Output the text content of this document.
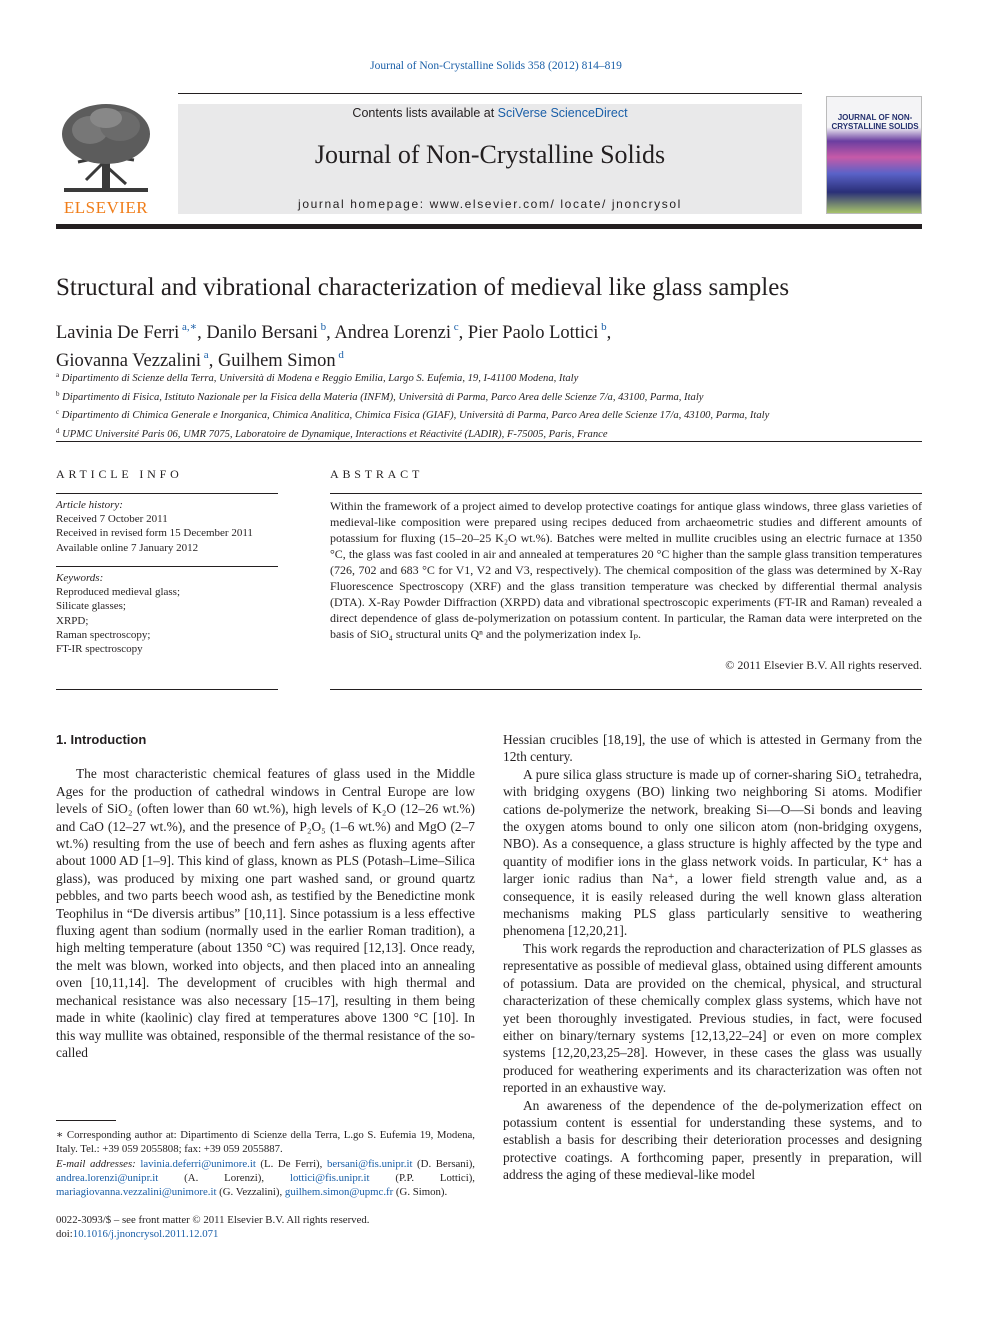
Journal of Non-Crystalline Solids 358 (2012) 814–819
ELSEVIER
Contents lists available at SciVerse ScienceDirect
Journal of Non-Crystalline Solids
journal homepage: www.elsevier.com/ locate/ jnoncrysol
JOURNAL OF NON-CRYSTALLINE SOLIDS
Structural and vibrational characterization of medieval like glass samples
Lavinia De Ferri $^{a,∗}$, Danilo Bersani $^b$, Andrea Lorenzi $^c$, Pier Paolo Lottici $^b$,
Giovanna Vezzalini $^a$, Guilhem Simon $^d$
$^a$ Dipartimento di Scienze della Terra, Università di Modena e Reggio Emilia, Largo S. Eufemia, 19, I-41100 Modena, Italy
$^b$ Dipartimento di Fisica, Istituto Nazionale per la Fisica della Materia (INFM), Università di Parma, Parco Area delle Scienze 7/a, 43100, Parma, Italy
$^c$ Dipartimento di Chimica Generale e Inorganica, Chimica Analitica, Chimica Fisica (GIAF), Università di Parma, Parco Area delle Scienze 17/a, 43100, Parma, Italy
$^d$ UPMC Université Paris 06, UMR 7075, Laboratoire de Dynamique, Interactions et Réactivité (LADIR), F-75005, Paris, France
ARTICLE INFO
Article history:
Received 7 October 2011
Received in revised form 15 December 2011
Available online 7 January 2012
Keywords:
Reproduced medieval glass;
Silicate glasses;
XRPD;
Raman spectroscopy;
FT-IR spectroscopy
ABSTRACT
Within the framework of a project aimed to develop protective coatings for antique glass windows, three glass varieties of medieval-like composition were prepared using recipes deduced from archaeometric studies and different amounts of potassium for fluxing (15–20–25 K₂O wt.%). Batches were melted in mullite crucibles using an electric furnace at 1350 °C, the glass was fast cooled in air and annealed at temperatures 20 °C higher than the sample glass transition temperatures (726, 702 and 683 °C for V1, V2 and V3, respectively). The chemical composition of the glass was determined by X-Ray Fluorescence Spectroscopy (XRF) and the glass transition temperature was checked by differential thermal analysis (DTA). X-Ray Powder Diffraction (XRPD) data and vibrational spectroscopic experiments (FT-IR and Raman) revealed a direct dependence of glass de-polymerization on potassium content. In particular, the Raman data were interpreted on the basis of SiO₄ structural units Qⁿ and the polymerization index Iₚ.
© 2011 Elsevier B.V. All rights reserved.
1. Introduction

The most characteristic chemical features of glass used in the Middle Ages for the production of cathedral windows in Central Europe are low levels of SiO₂ (often lower than 60 wt.%), high levels of K₂O (12–26 wt.%) and CaO (12–27 wt.%), and the presence of P₂O₅ (1–6 wt.%) and MgO (2–7 wt.%) resulting from the use of beech and fern ashes as fluxing agents after about 1000 AD [1–9]. This kind of glass, known as PLS (Potash–Lime–Silica glass), was produced by mixing one part washed sand, or ground quartz pebbles, and two parts beech wood ash, as testified by the Benedictine monk Teophilus in “De diversis artibus” [10,11]. Since potassium is a less effective fluxing agent than sodium (normally used in the earlier Roman tradition), a high melting temperature (about 1350 °C) was required [12,13]. Once ready, the melt was blown, worked into objects, and then placed into an annealing oven [10,11,14]. The development of crucibles with high thermal and mechanical resistance was also necessary [15–17], resulting in them being made in white (kaolinic) clay fired at temperatures above 1300 °C [10]. In this way mullite was obtained, responsible of the thermal resistance of the so-called

Hessian crucibles [18,19], the use of which is attested in Germany from the 12th century.

A pure silica glass structure is made up of corner-sharing SiO₄ tetrahedra, with bridging oxygens (BO) linking two neighboring Si atoms. Modifier cations de-polymerize the network, breaking Si—O—Si bonds and leaving the oxygen atoms bound to only one silicon atom (non-bridging oxygens, NBO). As a consequence, a glass structure is highly affected by the type and quantity of modifier ions in the glass network voids. In particular, K⁺ has a larger ionic radius than Na⁺, a lower field strength value and, as a consequence, it is easily released during the well known glass alteration mechanisms making PLS glass particularly sensitive to weathering phenomena [12,20,21].

This work regards the reproduction and characterization of PLS glasses as representative as possible of medieval glass, obtained using different amounts of potassium. Data are provided on the chemical, physical, and structural characterization of these chemically complex glass systems, which have not yet been thoroughly investigated. Previous studies, in fact, were focused either on binary/ternary systems [12,13,22–24] or even on more complex systems [12,20,23,25–28]. However, in these cases the glass was usually produced for weathering experiments and its characterization was often not reported in an exhaustive way.

An awareness of the dependence of the de-polymerization effect on potassium content is essential for understanding these systems, and to establish a basis for describing their deterioration processes and designing protective coatings. A forthcoming paper, presently in preparation, will address the aging of these medieval-like model

∗ Corresponding author at: Dipartimento di Scienze della Terra, L.go S. Eufemia 19, Modena, Italy. Tel.: +39 059 2055808; fax: +39 059 2055887.
E-mail addresses: lavinia.deferri@unimore.it (L. De Ferri), bersani@fis.unipr.it (D. Bersani), andrea.lorenzi@unipr.it (A. Lorenzi), lottici@fis.unipr.it (P.P. Lottici), mariagiovanna.vezzalini@unimore.it (G. Vezzalini), guilhem.simon@upmc.fr (G. Simon).
0022-3093/$ – see front matter © 2011 Elsevier B.V. All rights reserved.
doi:10.1016/j.jnoncrysol.2011.12.071
